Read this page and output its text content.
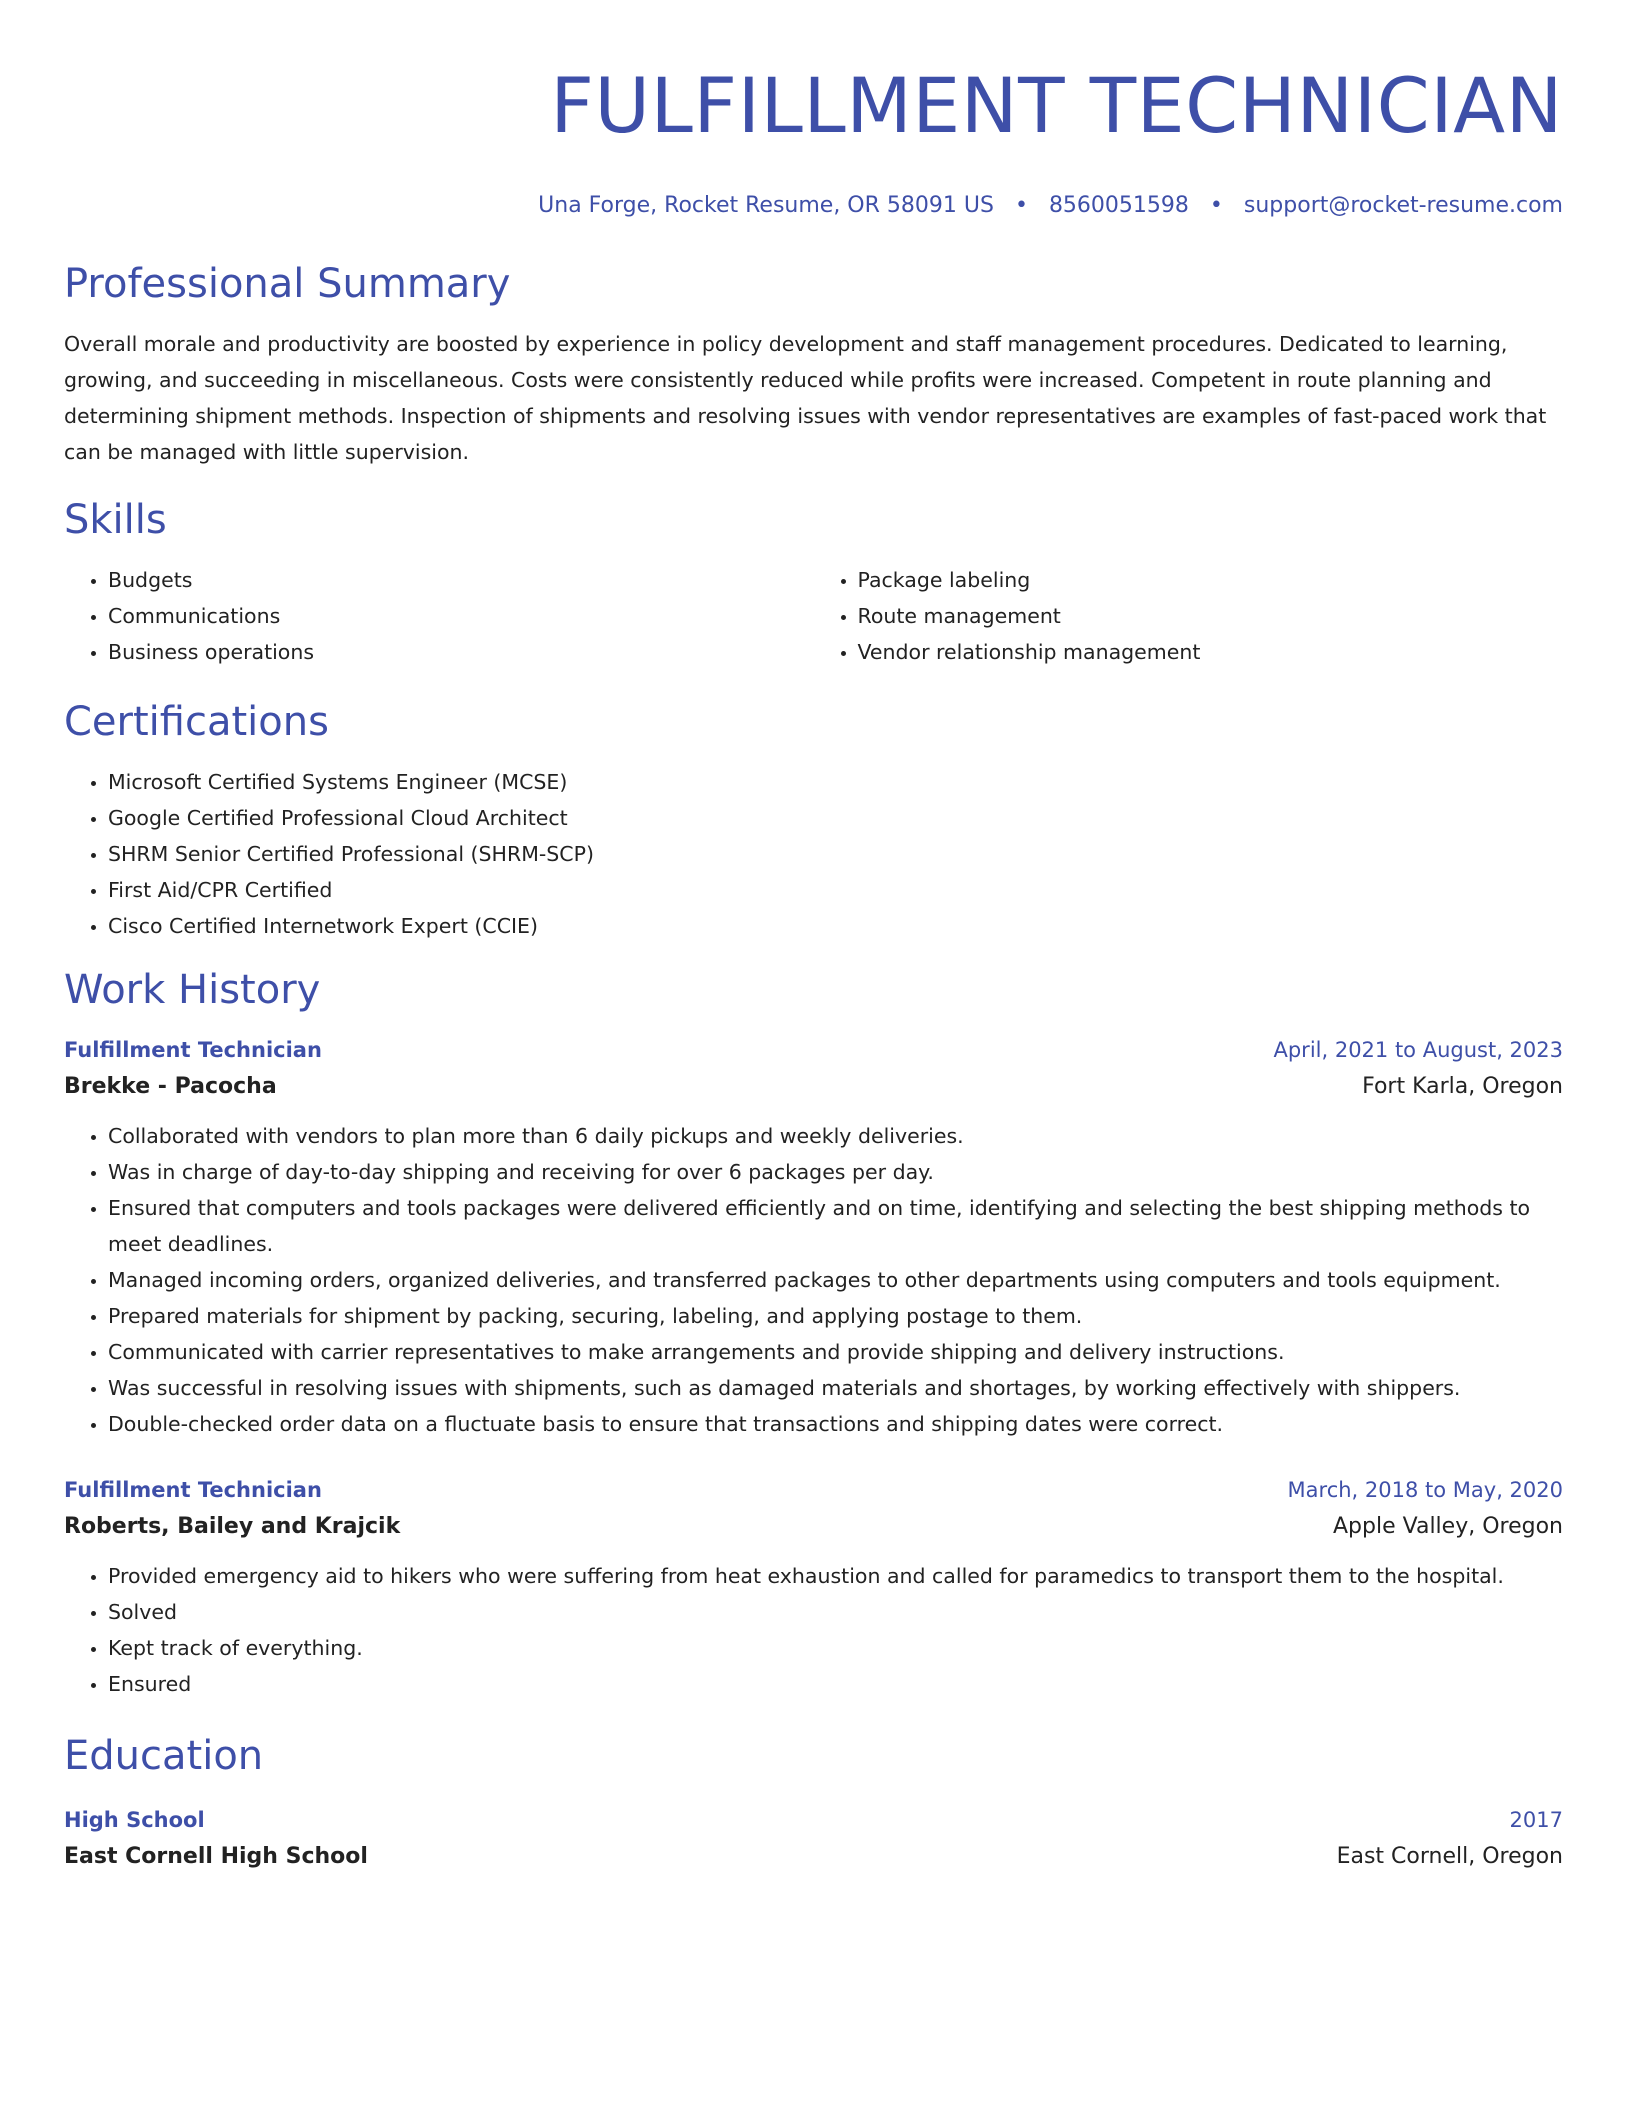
FULFILLMENT TECHNICIAN
Una Forge, Rocket Resume, OR 58091 US • 8560051598 • support@rocket-resume.com
Professional Summary

Overall morale and productivity are boosted by experience in policy development and staff management procedures. Dedicated to learning, growing, and succeeding in miscellaneous. Costs were consistently reduced while profits were increased. Competent in route planning and determining shipment methods. Inspection of shipments and resolving issues with vendor representatives are examples of fast-paced work that can be managed with little supervision.

Skills
• Budgets
• Communications
• Business operations
• Package labeling
• Route management
• Vendor relationship management
Certifications
• Microsoft Certified Systems Engineer (MCSE)
• Google Certified Professional Cloud Architect
• SHRM Senior Certified Professional (SHRM-SCP)
• First Aid/CPR Certified
• Cisco Certified Internetwork Expert (CCIE)
Work History
Fulfillment Technician	April, 2021 to August, 2023
Brekke - Pacocha	Fort Karla, Oregon
• Collaborated with vendors to plan more than 6 daily pickups and weekly deliveries.
• Was in charge of day-to-day shipping and receiving for over 6 packages per day.
• Ensured that computers and tools packages were delivered efficiently and on time, identifying and selecting the best shipping methods to meet deadlines.
• Managed incoming orders, organized deliveries, and transferred packages to other departments using computers and tools equipment.
• Prepared materials for shipment by packing, securing, labeling, and applying postage to them.
• Communicated with carrier representatives to make arrangements and provide shipping and delivery instructions.
• Was successful in resolving issues with shipments, such as damaged materials and shortages, by working effectively with shippers.
• Double-checked order data on a fluctuate basis to ensure that transactions and shipping dates were correct.
Fulfillment Technician	March, 2018 to May, 2020
Roberts, Bailey and Krajcik	Apple Valley, Oregon
• Provided emergency aid to hikers who were suffering from heat exhaustion and called for paramedics to transport them to the hospital.
• Solved
• Kept track of everything.
• Ensured
Education
High School	2017
East Cornell High School	East Cornell, Oregon
